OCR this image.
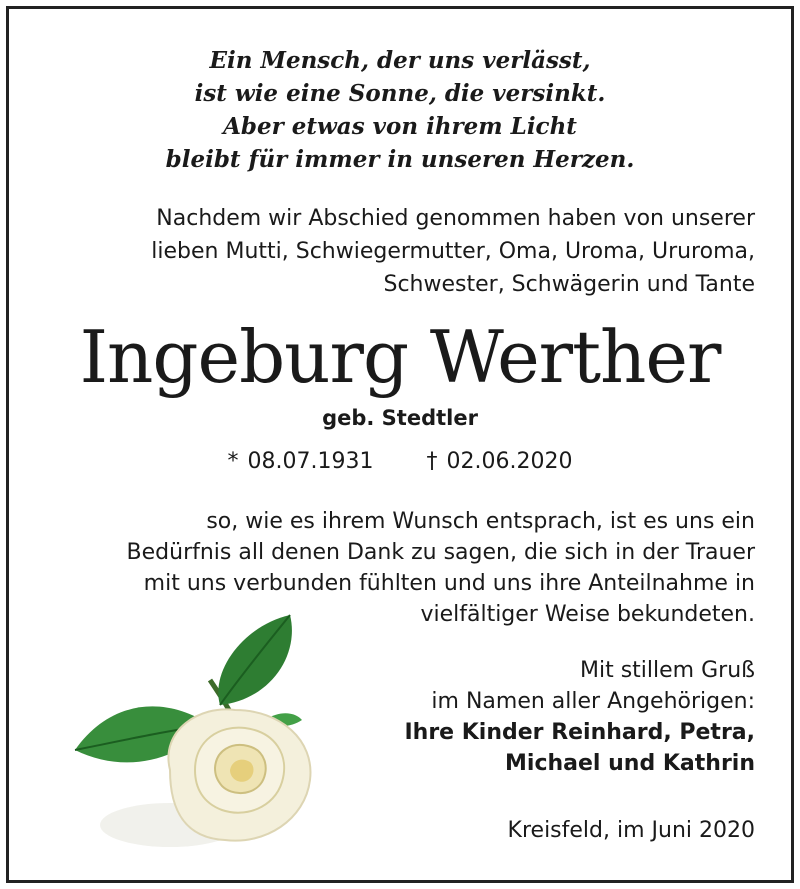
Ein Mensch, der uns verlässt,
ist wie eine Sonne, die versinkt.
Aber etwas von ihrem Licht
bleibt für immer in unseren Herzen.
Nachdem wir Abschied genommen haben von unserer
lieben Mutti, Schwiegermutter, Oma, Uroma, Ururoma,
Schwester, Schwägerin und Tante
Ingeburg Werther
geb. Stedtler
* 08.07.1931 † 02.06.2020
so, wie es ihrem Wunsch entsprach, ist es uns ein
Bedürfnis all denen Dank zu sagen, die sich in der Trauer
mit uns verbunden fühlten und uns ihre Anteilnahme in
vielfältiger Weise bekundeten.
Mit stillem Gruß
im Namen aller Angehörigen:
Ihre Kinder Reinhard, Petra,
Michael und Kathrin
Kreisfeld, im Juni 2020
